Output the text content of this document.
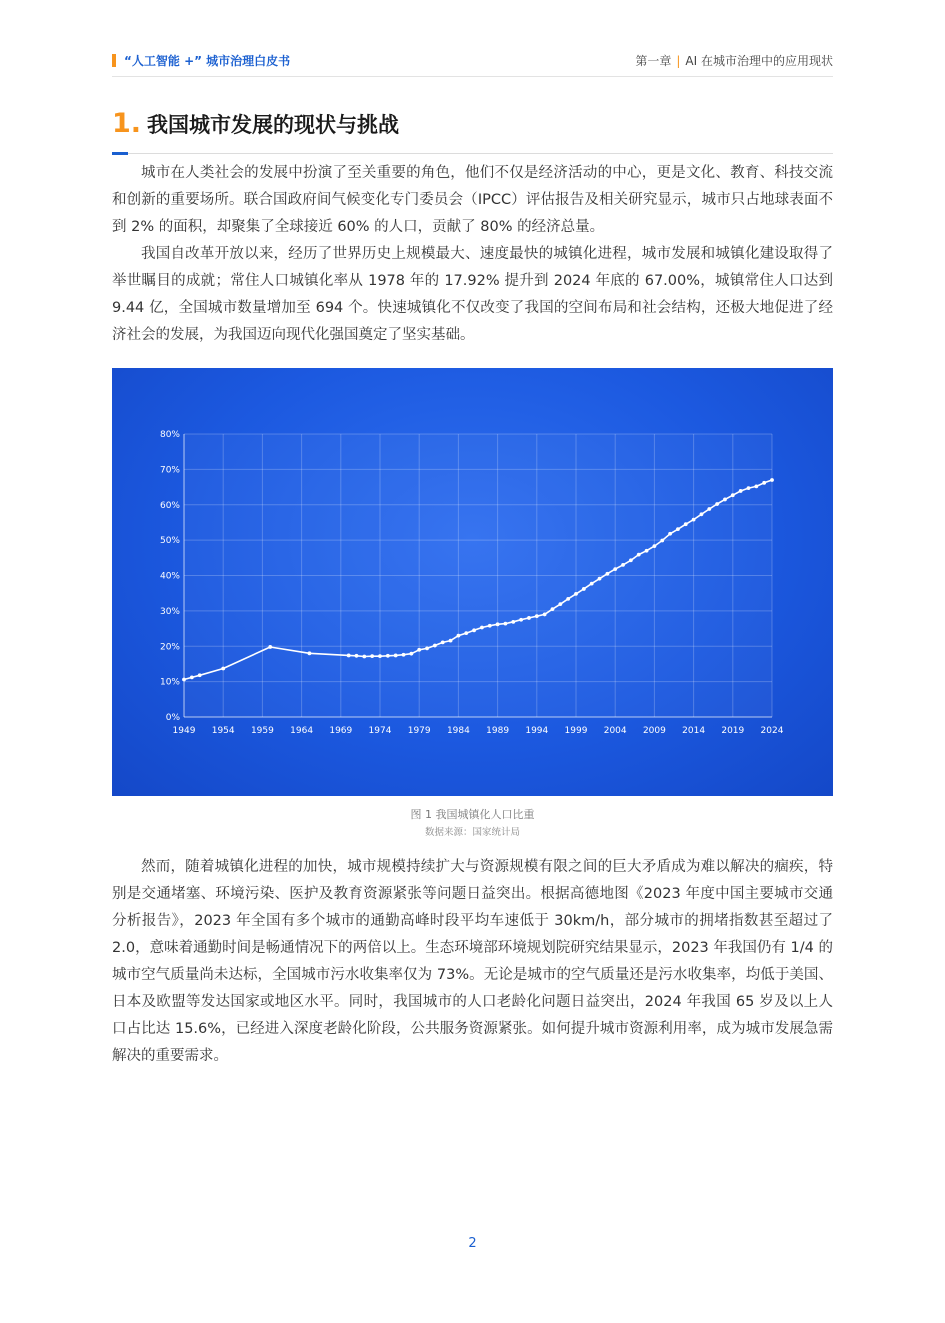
“人工智能 +” 城市治理白皮书	第一章 | AI 在城市治理中的应用现状
1. 我国城市发展的现状与挑战

城市在人类社会的发展中扮演了至关重要的角色，他们不仅是经济活动的中心，更是文化、教育、科技交流和创新的重要场所。联合国政府间气候变化专门委员会（IPCC）评估报告及相关研究显示，城市只占地球表面不到 2% 的面积，却聚集了全球接近 60% 的人口，贡献了 80% 的经济总量。

我国自改革开放以来，经历了世界历史上规模最大、速度最快的城镇化进程，城市发展和城镇化建设取得了举世瞩目的成就；常住人口城镇化率从 1978 年的 17.92% 提升到 2024 年底的 67.00%，城镇常住人口达到 9.44 亿，全国城市数量增加至 694 个。快速城镇化不仅改变了我国的空间布局和社会结构，还极大地促进了经济社会的发展，为我国迈向现代化强国奠定了坚实基础。

0%
10%
20%
30%
40%
50%
60%
70%
80%
1949 1954 1959 1964 1969 1974 1979 1984 1989 1994 1999 2004 2009 2014 2019 2024
图 1 我国城镇化人口比重
数据来源：国家统计局

然而，随着城镇化进程的加快，城市规模持续扩大与资源规模有限之间的巨大矛盾成为难以解决的痼疾，特别是交通堵塞、环境污染、医护及教育资源紧张等问题日益突出。根据高德地图《2023 年度中国主要城市交通分析报告》，2023 年全国有多个城市的通勤高峰时段平均车速低于 30km/h，部分城市的拥堵指数甚至超过了 2.0，意味着通勤时间是畅通情况下的两倍以上。生态环境部环境规划院研究结果显示，2023 年我国仍有 1/4 的城市空气质量尚未达标，全国城市污水收集率仅为 73%。无论是城市的空气质量还是污水收集率，均低于美国、日本及欧盟等发达国家或地区水平。同时，我国城市的人口老龄化问题日益突出，2024 年我国 65 岁及以上人口占比达 15.6%，已经进入深度老龄化阶段，公共服务资源紧张。如何提升城市资源利用率，成为城市发展急需解决的重要需求。

2
